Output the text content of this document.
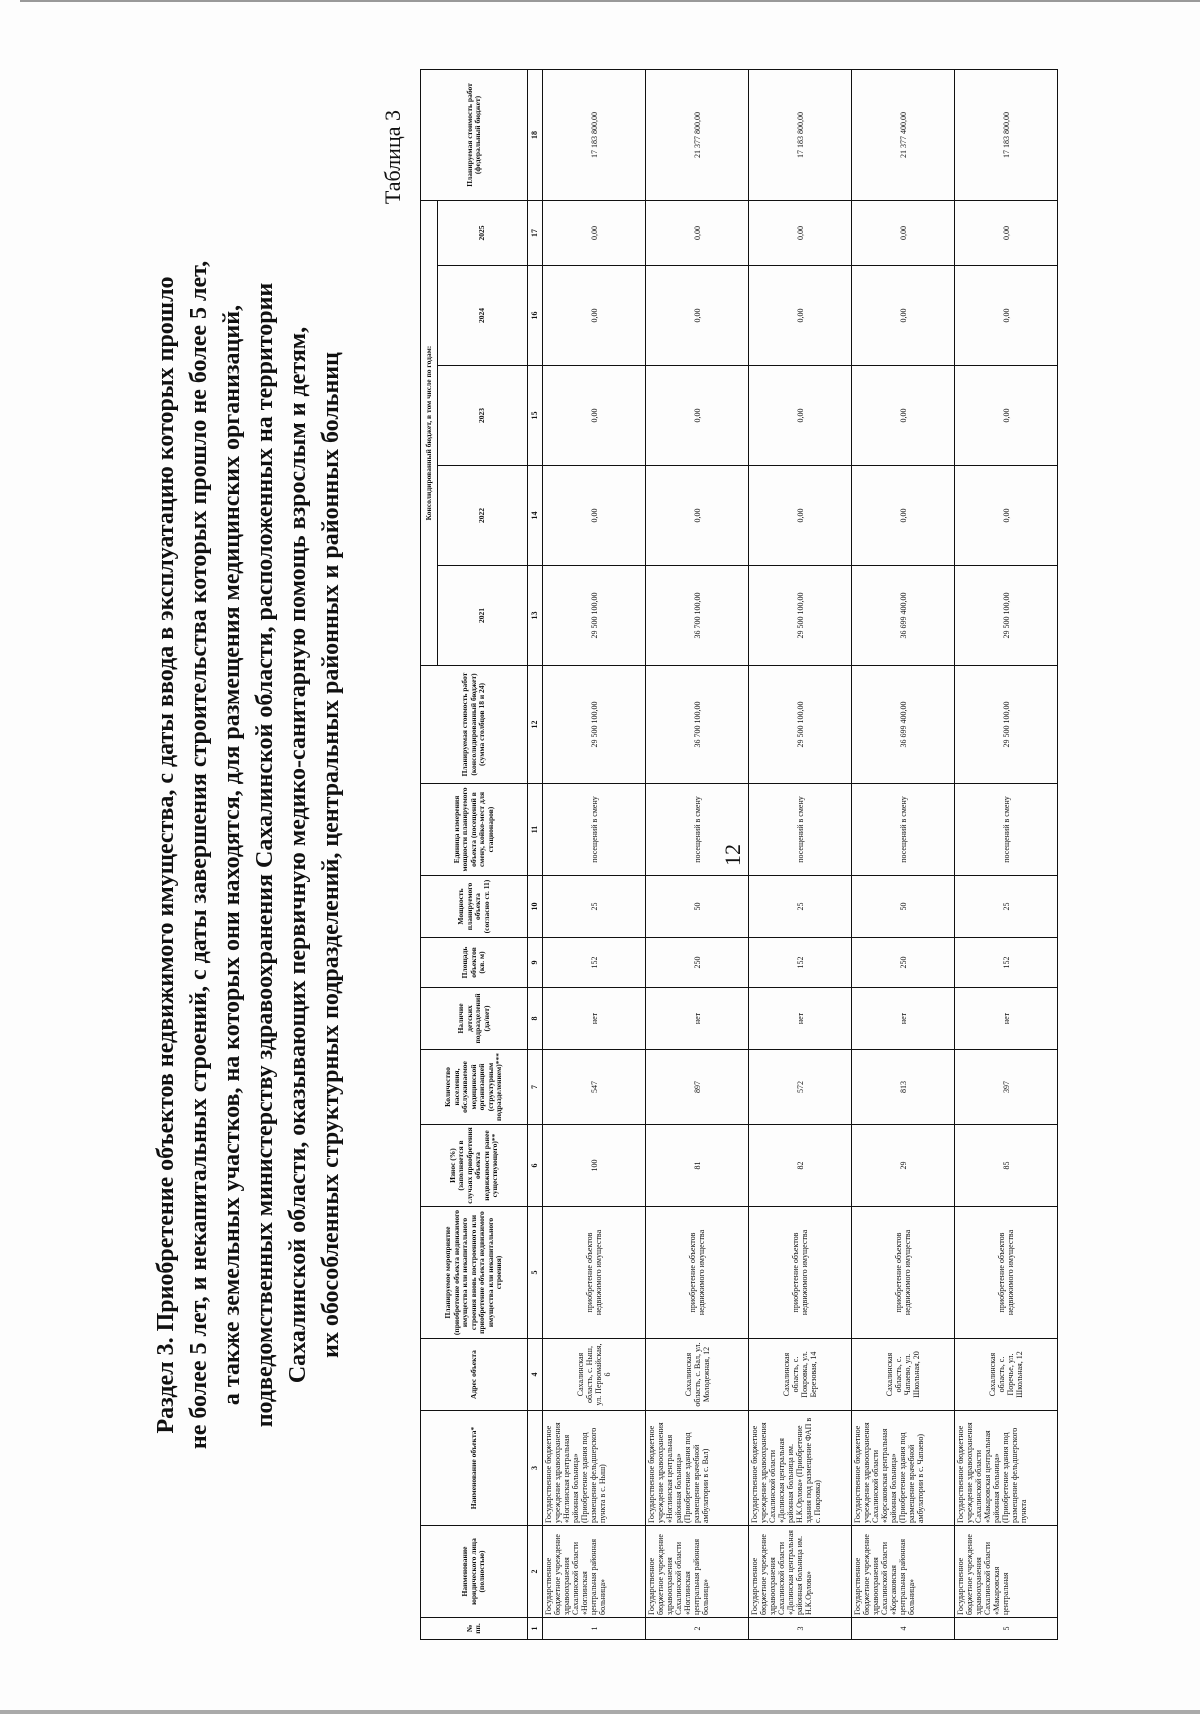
12
Раздел 3. Приобретение объектов недвижимого имущества, с даты ввода в эксплуатацию которых прошло не более 5 лет, и некапитальных строений, с даты завершения строительства которых прошло не более 5 лет, а также земельных участков, на которых они находятся, для размещения медицинских организаций, подведомственных министерству здравоохранения Сахалинской области, расположенных на территории Сахалинской области, оказывающих первичную медико-санитарную помощь взрослым и детям, их обособленных структурных подразделений, центральных районных и районных больниц
Таблица 3
№ пп.	Наименование юридического лица (полностью)	Наименование объекта*	Адрес объекта	Планируемое мероприятие (приобретение объекта недвижимого имущества или некапитального строения вновь построенного или приобретение объекта недвижимого имущества или некапитального строения)	Износ (%) (заполняется в случаях приобретения объекта недвижимости ранее существующего)**	Количество населения, обслуживаемое медицинской организацией (структурным подразделением)***	Наличие детских подразделений (да/нет)	Площадь объектов (кв. м)	Мощность планируемого объекта (согласно ст. 11)	Единица измерения мощности планируемого объекта (посещений в смену, койко-мест для стационаров)	Планируемая стоимость работ (консолидированный бюджет) (сумма столбцов 18 и 24)	Консолидированный бюджет, в том числе по годам:					Планируемая стоимость работ (федеральный бюджет)
												2021	2022	2023	2024	2025	
1	2	3	4	5	6	7	8	9	10	11	12	13	14	15	16	17	18
1	Государственное бюджетное учреждение здравоохранения Сахалинской области «Ноглинская центральная районная больница»	Государственное бюджетное учреждение здравоохранения «Ноглинская центральная районная больница» (Приобретение здания под размещение фельдшерского пункта в с. Ныш)	Сахалинская область, с. Ныш, ул. Первомайская, 6	приобретение объектов недвижимого имущества	100	547	нет	152	25	посещений в смену	29 500 100,00	29 500 100,00	0,00	0,00	0,00	0,00	17 183 800,00
2	Государственное бюджетное учреждение здравоохранения Сахалинской области «Ноглинская центральная районная больница»	Государственное бюджетное учреждение здравоохранения «Ноглинская центральная районная больница» (Приобретение здания под размещение врачебной амбулатории в с. Вал)	Сахалинская область, с. Вал, ул. Молодежная, 12	приобретение объектов недвижимого имущества	81	897	нет	250	50	посещений в смену	36 700 100,00	36 700 100,00	0,00	0,00	0,00	0,00	21 377 800,00
3	Государственное бюджетное учреждение здравоохранения Сахалинской области «Долинская центральная районная больница им. Н.К.Орлова»	Государственное бюджетное учреждение здравоохранения Сахалинской области «Долинская центральная районная больница им. Н.К.Орлова» (Приобретение здания под размещение ФАП в с. Покровка)	Сахалинская область, с. Покровка, ул. Березовая, 14	приобретение объектов недвижимого имущества	82	572	нет	152	25	посещений в смену	29 500 100,00	29 500 100,00	0,00	0,00	0,00	0,00	17 183 800,00
4	Государственное бюджетное учреждение здравоохранения Сахалинской области «Корсаковская центральная районная больница»	Государственное бюджетное учреждение здравоохранения Сахалинской области «Корсаковская центральная районная больница» (Приобретение здания под размещение врачебной амбулатории в с. Чапаево)	Сахалинская область, с. Чапаево, ул. Школьная, 20	приобретение объектов недвижимого имущества	29	813	нет	250	50	посещений в смену	36 699 400,00	36 699 400,00	0,00	0,00	0,00	0,00	21 377 400,00
5	Государственное бюджетное учреждение здравоохранения Сахалинской области «Макаровская центральная	Государственное бюджетное учреждение здравоохранения Сахалинской области «Макаровская центральная районная больница» (Приобретение здания под размещение фельдшерского пункта	Сахалинская область, с. Поречье, ул. Школьная, 12	приобретение объектов недвижимого имущества	85	397	нет	152	25	посещений в смену	29 500 100,00	29 500 100,00	0,00	0,00	0,00	0,00	17 183 800,00
